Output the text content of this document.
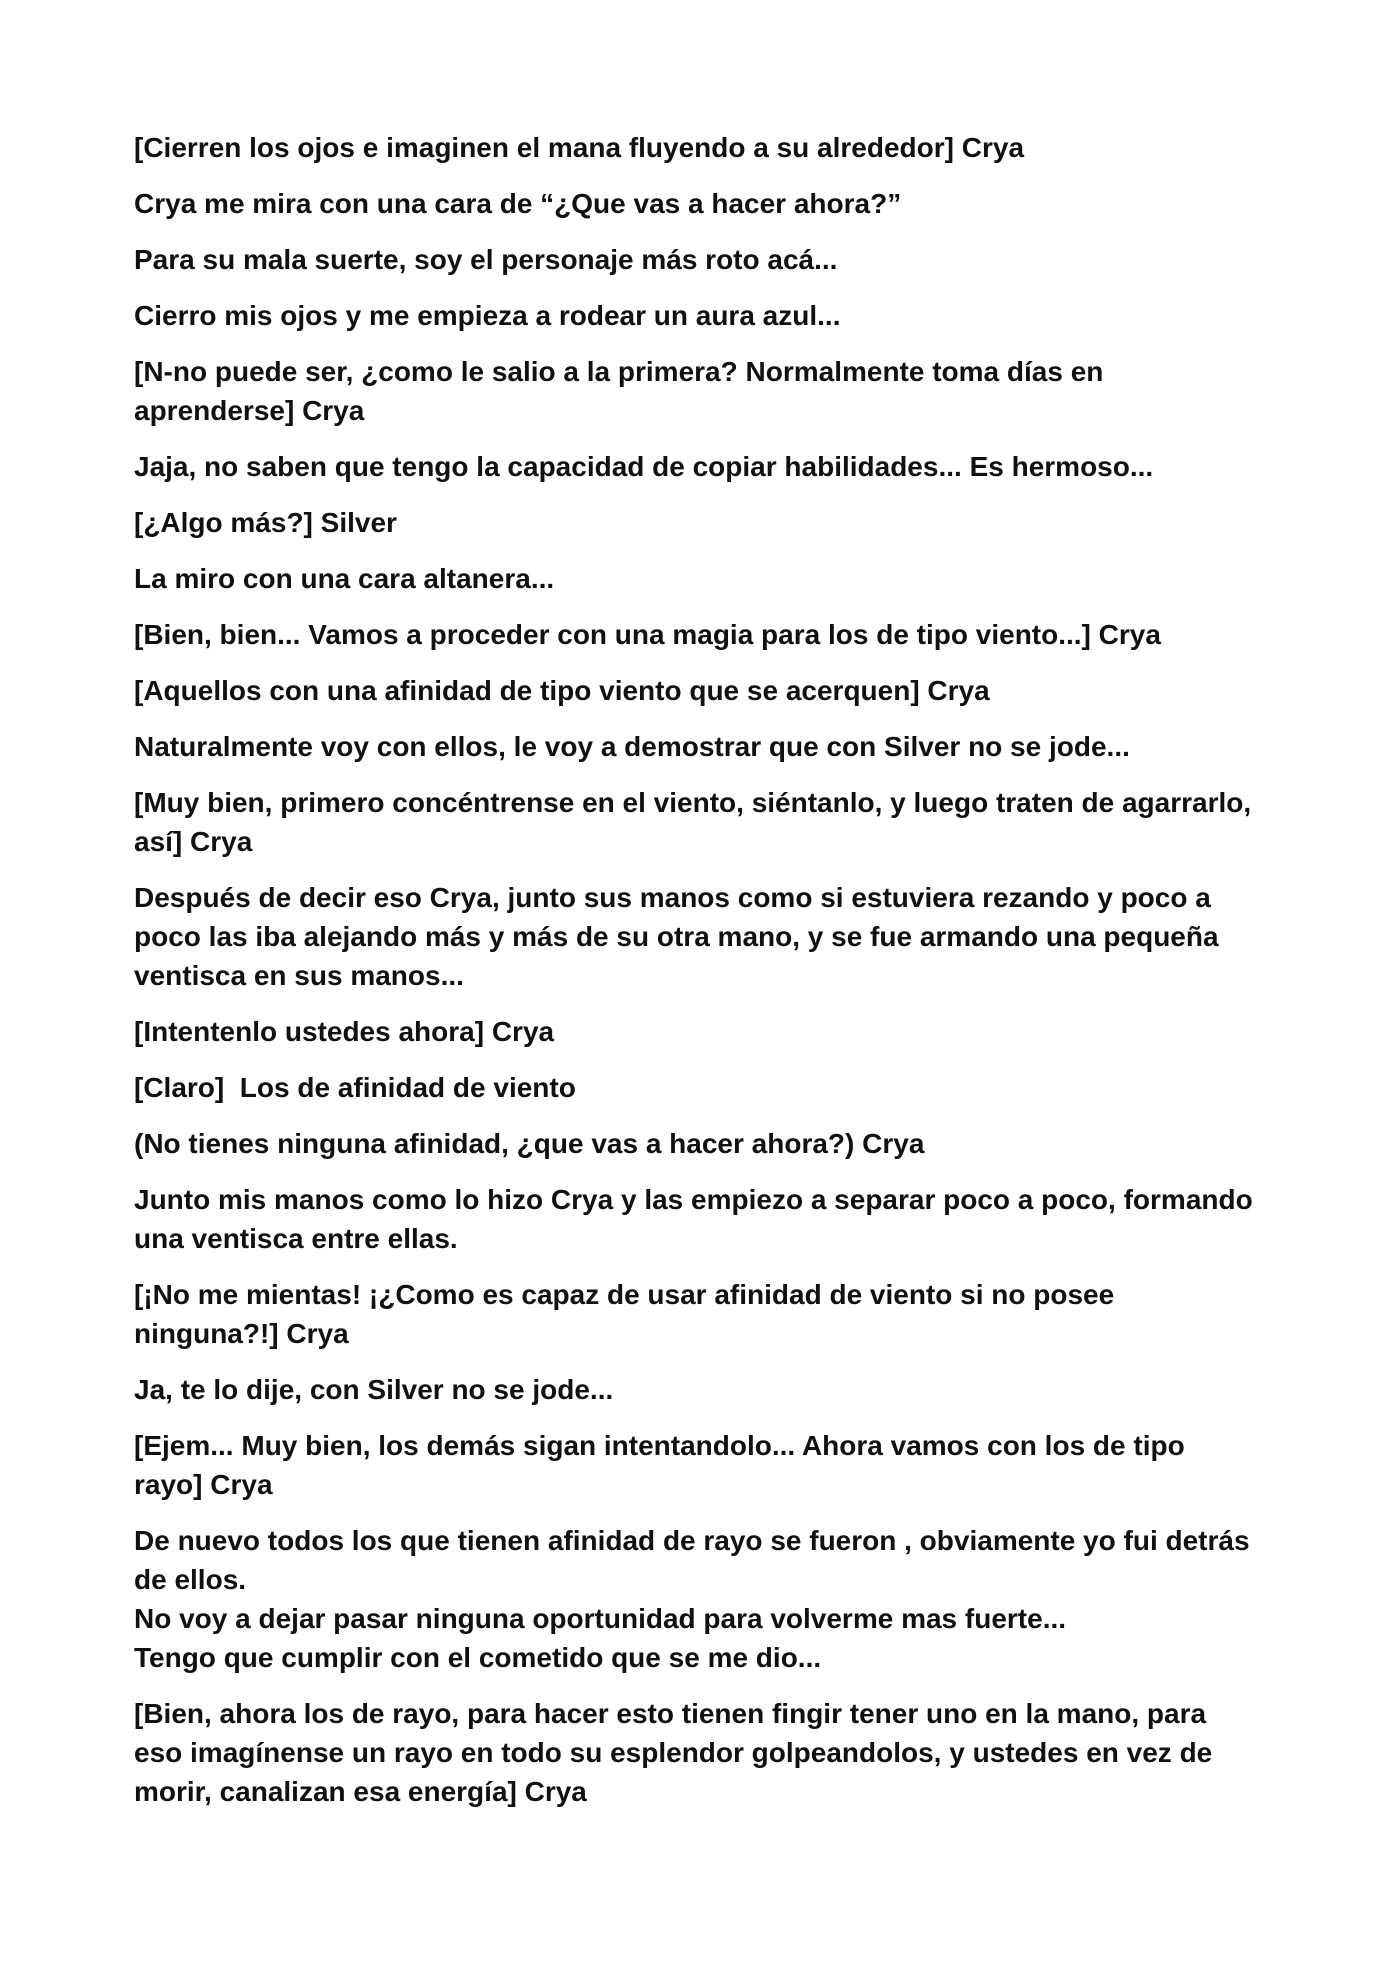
[Cierren los ojos e imaginen el mana fluyendo a su alrededor] Crya

Crya me mira con una cara de “¿Que vas a hacer ahora?”

Para su mala suerte, soy el personaje más roto acá...

Cierro mis ojos y me empieza a rodear un aura azul...

[N-no puede ser, ¿como le salio a la primera? Normalmente toma días en
aprenderse] Crya

Jaja, no saben que tengo la capacidad de copiar habilidades... Es hermoso...

[¿Algo más?] Silver

La miro con una cara altanera...

[Bien, bien... Vamos a proceder con una magia para los de tipo viento...] Crya

[Aquellos con una afinidad de tipo viento que se acerquen] Crya

Naturalmente voy con ellos, le voy a demostrar que con Silver no se jode...

[Muy bien, primero concéntrense en el viento, siéntanlo, y luego traten de agarrarlo,
así] Crya

Después de decir eso Crya, junto sus manos como si estuviera rezando y poco a
poco las iba alejando más y más de su otra mano, y se fue armando una pequeña
ventisca en sus manos...

[Intentenlo ustedes ahora] Crya

[Claro]  Los de afinidad de viento

(No tienes ninguna afinidad, ¿que vas a hacer ahora?) Crya

Junto mis manos como lo hizo Crya y las empiezo a separar poco a poco, formando
una ventisca entre ellas.

[¡No me mientas! ¡¿Como es capaz de usar afinidad de viento si no posee
ninguna?!] Crya

Ja, te lo dije, con Silver no se jode...

[Ejem... Muy bien, los demás sigan intentandolo... Ahora vamos con los de tipo
rayo] Crya

De nuevo todos los que tienen afinidad de rayo se fueron , obviamente yo fui detrás
de ellos.
No voy a dejar pasar ninguna oportunidad para volverme mas fuerte...
Tengo que cumplir con el cometido que se me dio...

[Bien, ahora los de rayo, para hacer esto tienen fingir tener uno en la mano, para
eso imagínense un rayo en todo su esplendor golpeandolos, y ustedes en vez de
morir, canalizan esa energía] Crya
